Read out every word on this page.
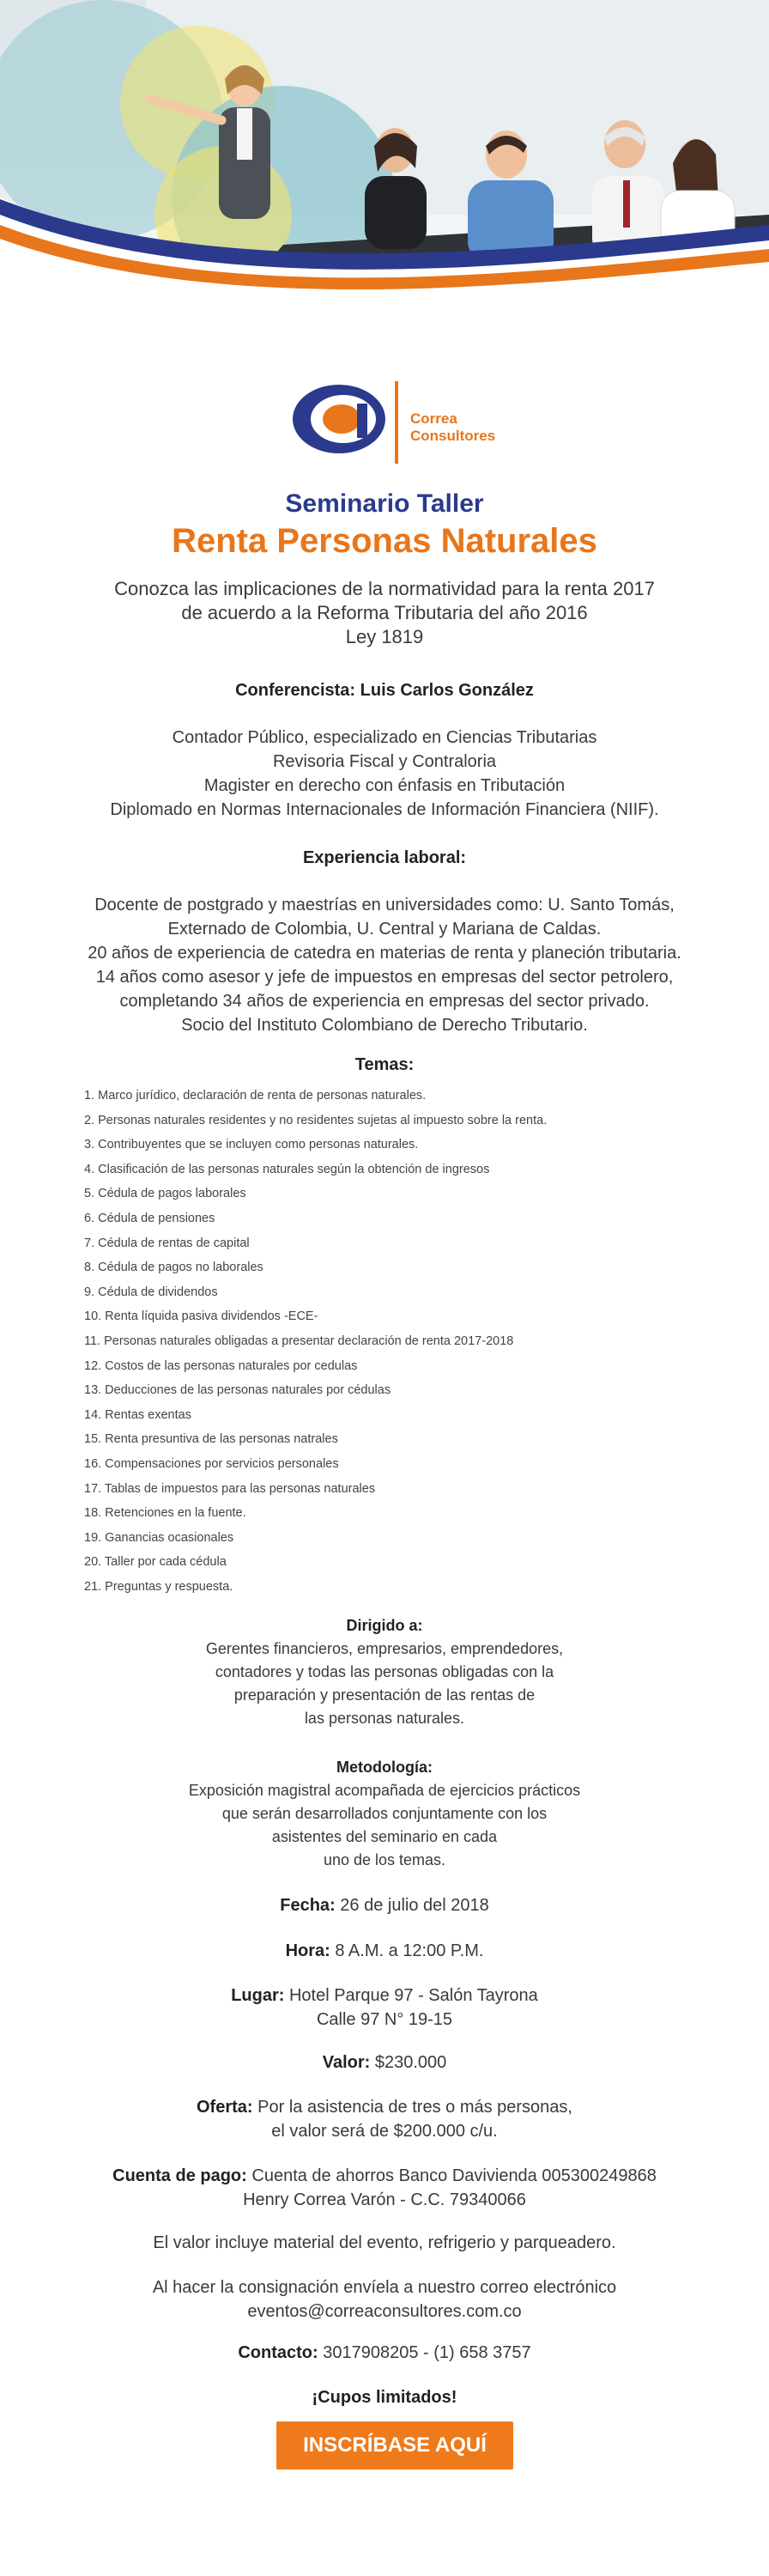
Correa
Consultores
Seminario Taller
Renta Personas Naturales
Conozca las implicaciones de la normatividad para la renta 2017
de acuerdo a la Reforma Tributaria del año 2016
Ley 1819
Conferencista: Luis Carlos González
Contador Público, especializado en Ciencias Tributarias
Revisoria Fiscal y Contraloria
Magister en derecho con énfasis en Tributación
Diplomado en Normas Internacionales de Información Financiera (NIIF).
Experiencia laboral:
Docente de postgrado y maestrías en universidades como: U. Santo Tomás,
Externado de Colombia, U. Central y Mariana de Caldas.
20 años de experiencia de catedra en materias de renta y planeción tributaria.
14 años como asesor y jefe de impuestos en empresas del sector petrolero,
completando 34 años de experiencia en empresas del sector privado.
Socio del Instituto Colombiano de Derecho Tributario.
Temas:
1. Marco jurídico, declaración de renta de personas naturales.
2. Personas naturales residentes y no residentes sujetas al impuesto sobre la renta.
3. Contribuyentes que se incluyen como personas naturales.
4. Clasificación de las personas naturales según la obtención de ingresos
5. Cédula de pagos laborales
6. Cédula de pensiones
7. Cédula de rentas de capital
8. Cédula de pagos no laborales
9. Cédula de dividendos
10. Renta líquida pasiva dividendos -ECE-
11. Personas naturales obligadas a presentar declaración de renta 2017-2018
12. Costos de las personas naturales por cedulas
13. Deducciones de las personas naturales por cédulas
14. Rentas exentas
15. Renta presuntiva de las personas natrales
16. Compensaciones por servicios personales
17. Tablas de impuestos para las personas naturales
18. Retenciones en la fuente.
19. Ganancias ocasionales
20. Taller por cada cédula
21. Preguntas y respuesta.
Dirigido a:
Gerentes financieros, empresarios, emprendedores,
contadores y todas las personas obligadas con la
preparación y presentación de las rentas de
las personas naturales.
Metodología:
Exposición magistral acompañada de ejercicios prácticos
que serán desarrollados conjuntamente con los
asistentes del seminario en cada
uno de los temas.
Fecha: 26 de julio del 2018
Hora: 8 A.M. a 12:00 P.M.
Lugar: Hotel Parque 97 - Salón Tayrona
Calle 97 N° 19-15
Valor: $230.000
Oferta: Por la asistencia de tres o más personas,
el valor será de $200.000 c/u.
Cuenta de pago: Cuenta de ahorros Banco Davivienda 005300249868
Henry Correa Varón - C.C. 79340066
El valor incluye material del evento, refrigerio y parqueadero.
Al hacer la consignación envíela a nuestro correo electrónico
eventos@correaconsultores.com.co
Contacto: 3017908205 - (1) 658 3757
¡Cupos limitados!
INSCRÍBASE AQUÍ
